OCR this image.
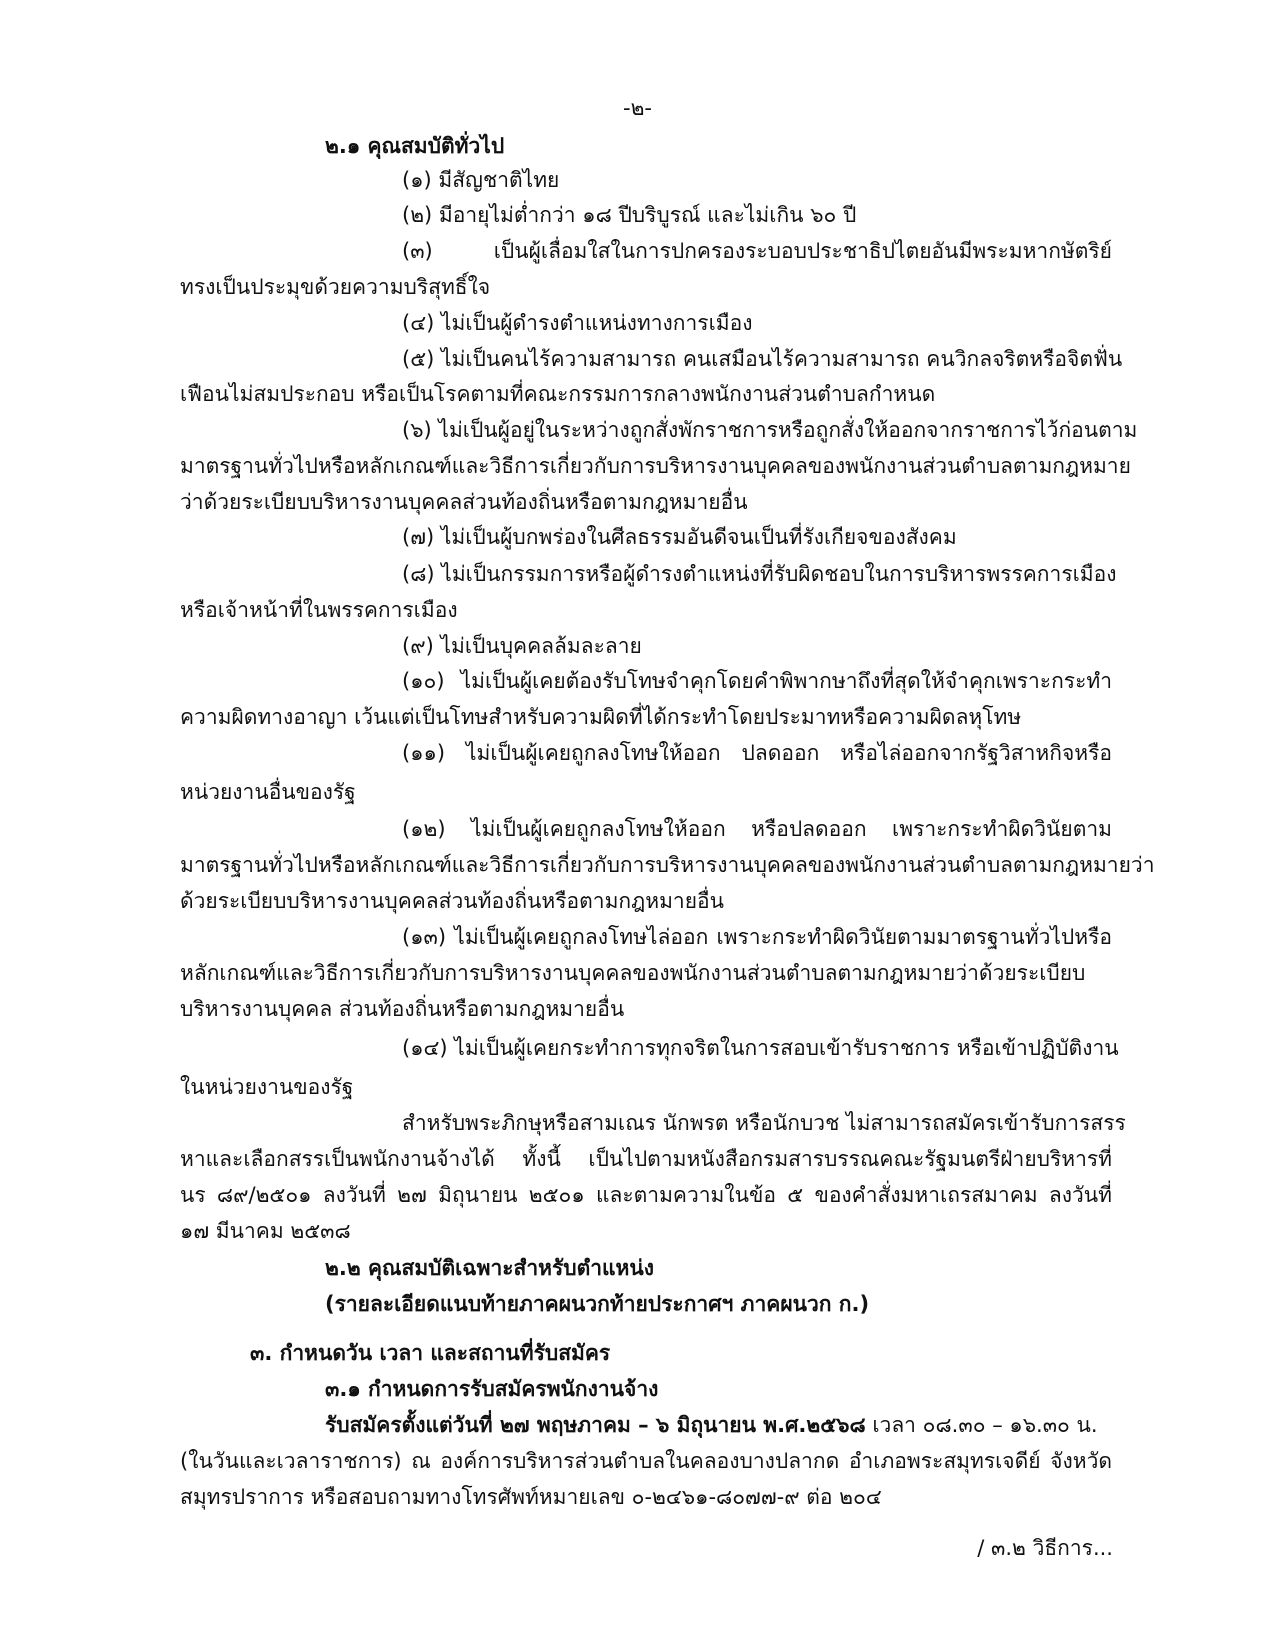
-๒-
๒.๑ คุณสมบัติทั่วไป
(๑) มีสัญชาติไทย
(๒) มีอายุไม่ต่ำกว่า ๑๘ ปีบริบูรณ์ และไม่เกิน ๖๐ ปี
(๓) เป็นผู้เลื่อมใสในการปกครองระบอบประชาธิปไตยอันมีพระมหากษัตริย์
ทรงเป็นประมุขด้วยความบริสุทธิ์ใจ
(๔) ไม่เป็นผู้ดำรงตำแหน่งทางการเมือง
(๕) ไม่เป็นคนไร้ความสามารถ คนเสมือนไร้ความสามารถ คนวิกลจริตหรือจิตฟั่น
เฟือนไม่สมประกอบ หรือเป็นโรคตามที่คณะกรรมการกลางพนักงานส่วนตำบลกำหนด
(๖) ไม่เป็นผู้อยู่ในระหว่างถูกสั่งพักราชการหรือถูกสั่งให้ออกจากราชการไว้ก่อนตาม
มาตรฐานทั่วไปหรือหลักเกณฑ์และวิธีการเกี่ยวกับการบริหารงานบุคคลของพนักงานส่วนตำบลตามกฎหมาย
ว่าด้วยระเบียบบริหารงานบุคคลส่วนท้องถิ่นหรือตามกฎหมายอื่น
(๗) ไม่เป็นผู้บกพร่องในศีลธรรมอันดีจนเป็นที่รังเกียจของสังคม
(๘) ไม่เป็นกรรมการหรือผู้ดำรงตำแหน่งที่รับผิดชอบในการบริหารพรรคการเมือง
หรือเจ้าหน้าที่ในพรรคการเมือง
(๙) ไม่เป็นบุคคลล้มละลาย
(๑๐) ไม่เป็นผู้เคยต้องรับโทษจำคุกโดยคำพิพากษาถึงที่สุดให้จำคุกเพราะกระทำ
ความผิดทางอาญา เว้นแต่เป็นโทษสำหรับความผิดที่ได้กระทำโดยประมาทหรือความผิดลหุโทษ
(๑๑) ไม่เป็นผู้เคยถูกลงโทษให้ออก ปลดออก หรือไล่ออกจากรัฐวิสาหกิจหรือ
หน่วยงานอื่นของรัฐ
(๑๒) ไม่เป็นผู้เคยถูกลงโทษให้ออก หรือปลดออก เพราะกระทำผิดวินัยตาม
มาตรฐานทั่วไปหรือหลักเกณฑ์และวิธีการเกี่ยวกับการบริหารงานบุคคลของพนักงานส่วนตำบลตามกฎหมายว่า
ด้วยระเบียบบริหารงานบุคคลส่วนท้องถิ่นหรือตามกฎหมายอื่น
(๑๓) ไม่เป็นผู้เคยถูกลงโทษไล่ออก เพราะกระทำผิดวินัยตามมาตรฐานทั่วไปหรือ
หลักเกณฑ์และวิธีการเกี่ยวกับการบริหารงานบุคคลของพนักงานส่วนตำบลตามกฎหมายว่าด้วยระเบียบ
บริหารงานบุคคล ส่วนท้องถิ่นหรือตามกฎหมายอื่น
(๑๔) ไม่เป็นผู้เคยกระทำการทุกจริตในการสอบเข้ารับราชการ หรือเข้าปฏิบัติงาน
ในหน่วยงานของรัฐ
สำหรับพระภิกษุหรือสามเณร นักพรต หรือนักบวช ไม่สามารถสมัครเข้ารับการสรร
หาและเลือกสรรเป็นพนักงานจ้างได้ ทั้งนี้ เป็นไปตามหนังสือกรมสารบรรณคณะรัฐมนตรีฝ่ายบริหารที่
นร ๘๙/๒๕๐๑ ลงวันที่ ๒๗ มิถุนายน ๒๕๐๑ และตามความในข้อ ๕ ของคำสั่งมหาเถรสมาคม ลงวันที่
๑๗ มีนาคม ๒๕๓๘
๒.๒ คุณสมบัติเฉพาะสำหรับตำแหน่ง
(รายละเอียดแนบท้ายภาคผนวกท้ายประกาศฯ ภาคผนวก ก.)
๓. กำหนดวัน เวลา และสถานที่รับสมัคร
๓.๑ กำหนดการรับสมัครพนักงานจ้าง
รับสมัครตั้งแต่วันที่ ๒๗ พฤษภาคม – ๖ มิถุนายน พ.ศ.๒๕๖๘ เวลา ๐๘.๓๐ – ๑๖.๓๐ น.
(ในวันและเวลาราชการ) ณ องค์การบริหารส่วนตำบลในคลองบางปลากด อำเภอพระสมุทรเจดีย์ จังหวัด
สมุทรปราการ หรือสอบถามทางโทรศัพท์หมายเลข ๐-๒๔๖๑-๘๐๗๗-๙ ต่อ ๒๐๔
/ ๓.๒ วิธีการ...
